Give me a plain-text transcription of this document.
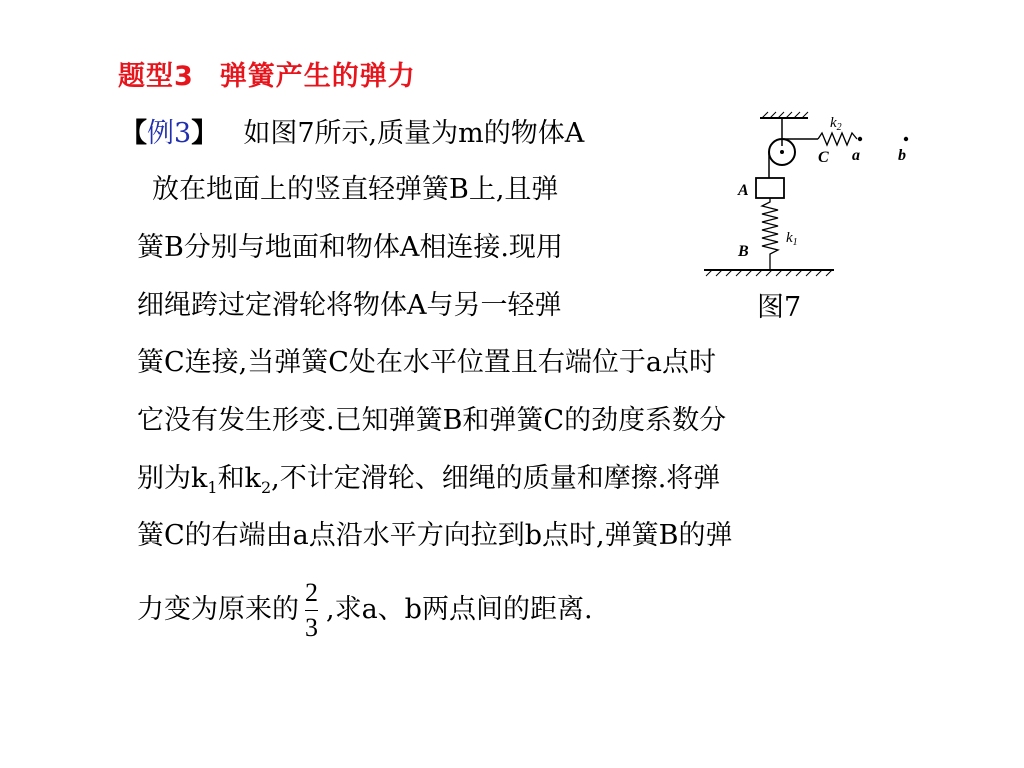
题型3 弹簧产生的弹力
【例3】 如图7所示,质量为m的物体A
放在地面上的竖直轻弹簧B上,且弹
簧B分别与地面和物体A相连接.现用
细绳跨过定滑轮将物体A与另一轻弹
簧C连接,当弹簧C处在水平位置且右端位于a点时
它没有发生形变.已知弹簧B和弹簧C的劲度系数分
别为$k_1$和$k_2$,不计定滑轮、细绳的质量和摩擦.将弹
簧C的右端由a点沿水平方向拉到b点时,弹簧B的弹
力变为原来的 $\frac{2}{3}$ ,求a、b两点间的距离.
$k_2$
C a b
A
B
$k_1$
图7
